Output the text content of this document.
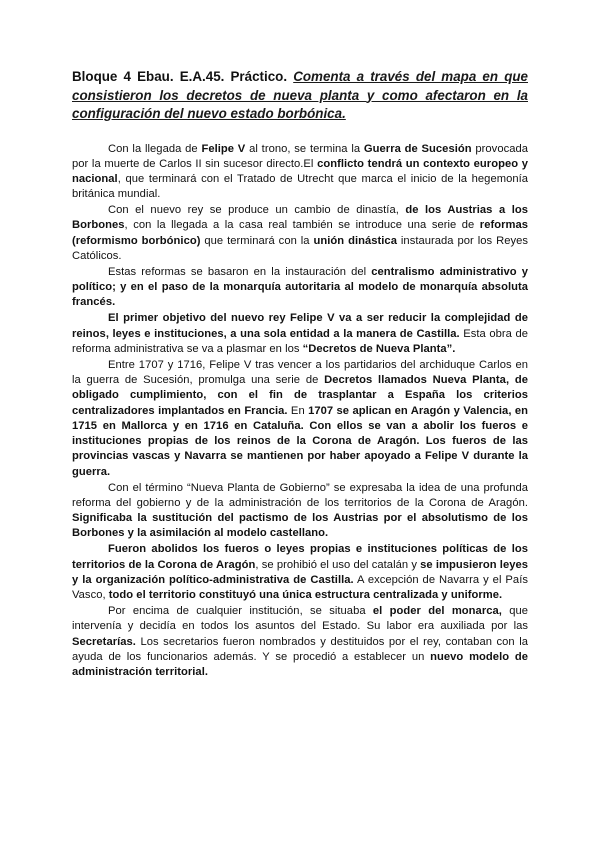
Bloque 4 Ebau. E.A.45. Práctico. Comenta a través del mapa en que consistieron los decretos de nueva planta y como afectaron en la configuración del nuevo estado borbónica.

Con la llegada de Felipe V al trono, se termina la Guerra de Sucesión provocada por la muerte de Carlos II sin sucesor directo.El conflicto tendrá un contexto europeo y nacional, que terminará con el Tratado de Utrecht que marca el inicio de la hegemonía británica mundial.

Con el nuevo rey se produce un cambio de dinastía, de los Austrias a los Borbones, con la llegada a la casa real también se introduce una serie de reformas (reformismo borbónico) que terminará con la unión dinástica instaurada por los Reyes Católicos.

Estas reformas se basaron en la instauración del centralismo administrativo y político; y en el paso de la monarquía autoritaria al modelo de monarquía absoluta francés.

El primer objetivo del nuevo rey Felipe V va a ser reducir la complejidad de reinos, leyes e instituciones, a una sola entidad a la manera de Castilla. Esta obra de reforma administrativa se va a plasmar en los “Decretos de Nueva Planta”.

Entre 1707 y 1716, Felipe V tras vencer a los partidarios del archiduque Carlos en la guerra de Sucesión, promulga una serie de Decretos llamados Nueva Planta, de obligado cumplimiento, con el fin de trasplantar a España los criterios centralizadores implantados en Francia. En 1707 se aplican en Aragón y Valencia, en 1715 en Mallorca y en 1716 en Cataluña. Con ellos se van a abolir los fueros e instituciones propias de los reinos de la Corona de Aragón. Los fueros de las provincias vascas y Navarra se mantienen por haber apoyado a Felipe V durante la guerra.

Con el término “Nueva Planta de Gobierno” se expresaba la idea de una profunda reforma del gobierno y de la administración de los territorios de la Corona de Aragón. Significaba la sustitución del pactismo de los Austrias por el absolutismo de los Borbones y la asimilación al modelo castellano.

Fueron abolidos los fueros o leyes propias e instituciones políticas de los territorios de la Corona de Aragón, se prohibió el uso del catalán y se impusieron leyes y la organización político-administrativa de Castilla. A excepción de Navarra y el País Vasco, todo el territorio constituyó una única estructura centralizada y uniforme.

Por encima de cualquier institución, se situaba el poder del monarca, que intervenía y decidía en todos los asuntos del Estado. Su labor era auxiliada por las Secretarías. Los secretarios fueron nombrados y destituidos por el rey, contaban con la ayuda de los funcionarios además. Y se procedió a establecer un nuevo modelo de administración territorial.
